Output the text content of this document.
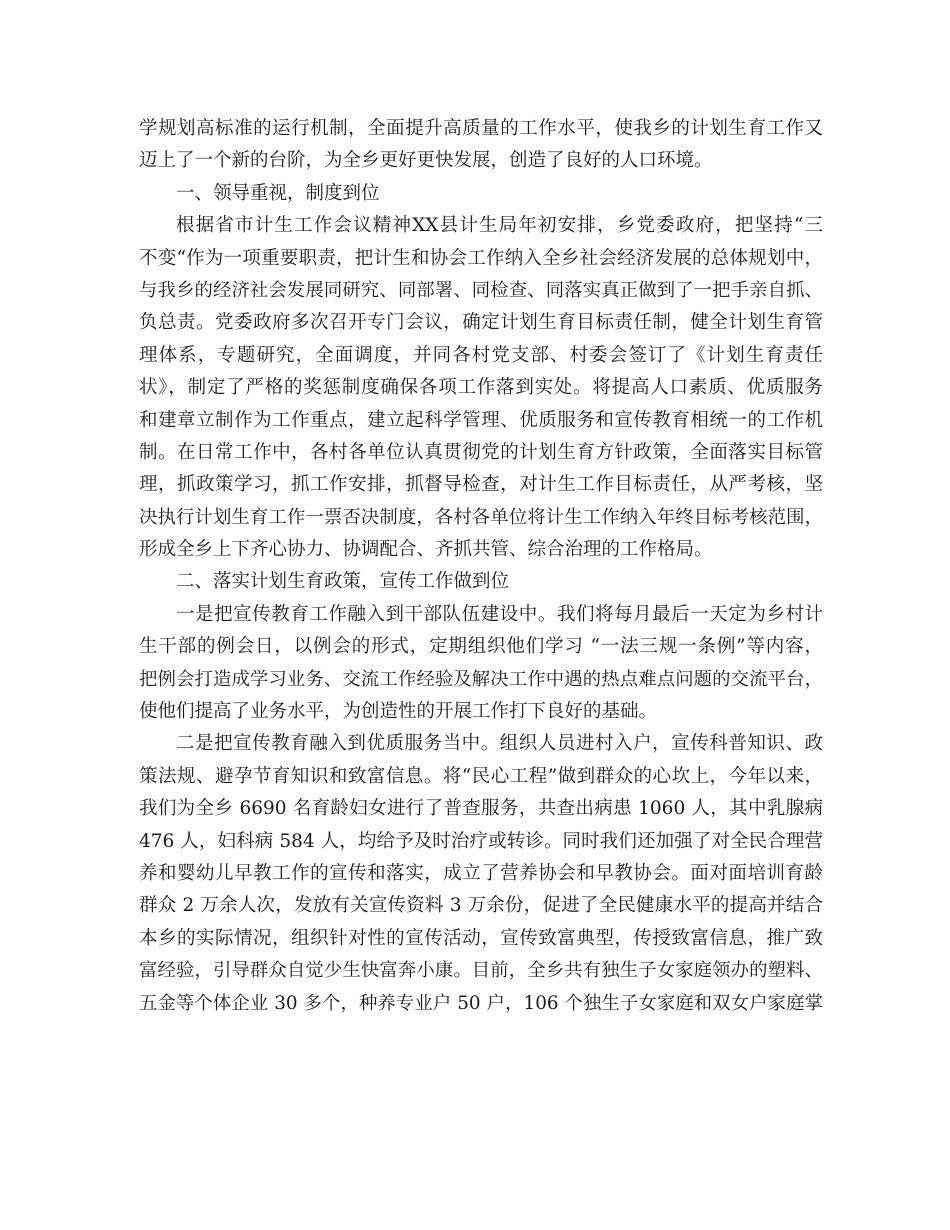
学规划高标准的运行机制，全面提升高质量的工作水平，使我乡的计划生育工作又
迈上了一个新的台阶，为全乡更好更快发展，创造了良好的人口环境。
一、领导重视，制度到位
根据省市计生工作会议精神XX县计生局年初安排，乡党委政府，把坚持“三
不变“作为一项重要职责，把计生和协会工作纳入全乡社会经济发展的总体规划中，
与我乡的经济社会发展同研究、同部署、同检查、同落实真正做到了一把手亲自抓、
负总责。党委政府多次召开专门会议，确定计划生育目标责任制，健全计划生育管
理体系，专题研究，全面调度，并同各村党支部、村委会签订了《计划生育责任
状》，制定了严格的奖惩制度确保各项工作落到实处。将提高人口素质、优质服务
和建章立制作为工作重点，建立起科学管理、优质服务和宣传教育相统一的工作机
制。在日常工作中，各村各单位认真贯彻党的计划生育方针政策，全面落实目标管
理，抓政策学习，抓工作安排，抓督导检查，对计生工作目标责任，从严考核，坚
决执行计划生育工作一票否决制度，各村各单位将计生工作纳入年终目标考核范围，
形成全乡上下齐心协力、协调配合、齐抓共管、综合治理的工作格局。
二、落实计划生育政策，宣传工作做到位
一是把宣传教育工作融入到干部队伍建设中。我们将每月最后一天定为乡村计
生干部的例会日，以例会的形式，定期组织他们学习 “一法三规一条例”等内容，
把例会打造成学习业务、交流工作经验及解决工作中遇的热点难点问题的交流平台，
使他们提高了业务水平，为创造性的开展工作打下良好的基础。
二是把宣传教育融入到优质服务当中。组织人员进村入户，宣传科普知识、政
策法规、避孕节育知识和致富信息。将“民心工程”做到群众的心坎上，今年以来，
我们为全乡 6690 名育龄妇女进行了普查服务，共查出病患 1060 人，其中乳腺病
476 人，妇科病 584 人，均给予及时治疗或转诊。同时我们还加强了对全民合理营
养和婴幼儿早教工作的宣传和落实，成立了营养协会和早教协会。面对面培训育龄
群众 2 万余人次，发放有关宣传资料 3 万余份，促进了全民健康水平的提高并结合
本乡的实际情况，组织针对性的宣传活动，宣传致富典型，传授致富信息，推广致
富经验，引导群众自觉少生快富奔小康。目前，全乡共有独生子女家庭领办的塑料、
五金等个体企业 30 多个，种养专业户 50 户，106 个独生子女家庭和双女户家庭掌
